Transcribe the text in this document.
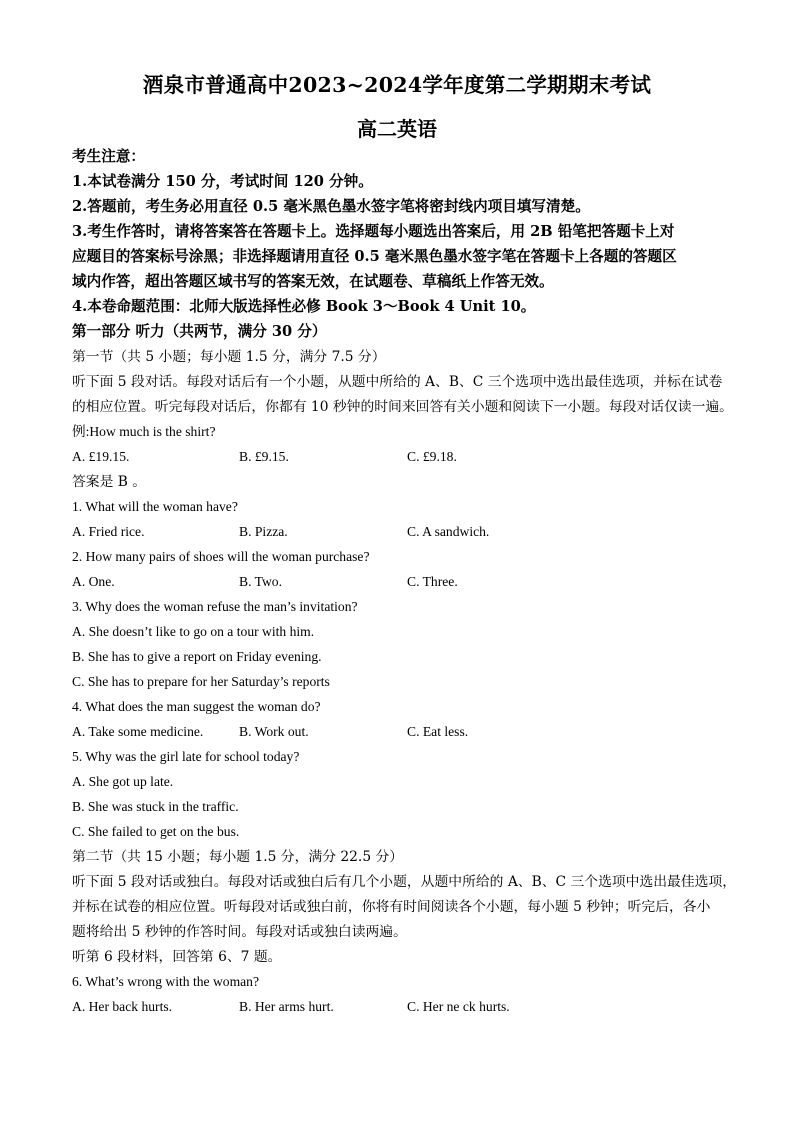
酒泉市普通高中2023~2024学年度第二学期期末考试
高二英语
考生注意：
1.本试卷满分 150 分，考试时间 120 分钟。
2.答题前，考生务必用直径 0.5 毫米黑色墨水签字笔将密封线内项目填写清楚。
3.考生作答时，请将答案答在答题卡上。选择题每小题选出答案后，用 2B 铅笔把答题卡上对
应题目的答案标号涂黑；非选择题请用直径 0.5 毫米黑色墨水签字笔在答题卡上各题的答题区
域内作答，超出答题区域书写的答案无效，在试题卷、草稿纸上作答无效。
4.本卷命题范围：北师大版选择性必修 Book 3～Book 4 Unit 10。
第一部分 听力（共两节，满分 30 分）
第一节（共 5 小题；每小题 1.5 分，满分 7.5 分）
听下面 5 段对话。每段对话后有一个小题，从题中所给的 A、B、C 三个选项中选出最佳选项，并标在试卷
的相应位置。听完每段对话后，你都有 10 秒钟的时间来回答有关小题和阅读下一小题。每段对话仅读一遍。
例:How much is the shirt?
A. £19.15.	B. £9.15.	C. £9.18.
答案是 B 。
1. What will the woman have?
A. Fried rice.	B. Pizza.	C. A sandwich.
2. How many pairs of shoes will the woman purchase?
A. One.	B. Two.	C. Three.
3. Why does the woman refuse the man’s invitation?
A. She doesn’t like to go on a tour with him.
B. She has to give a report on Friday evening.
C. She has to prepare for her Saturday’s reports
4. What does the man suggest the woman do?
A. Take some medicine.	B. Work out.	C. Eat less.
5. Why was the girl late for school today?
A. She got up late.
B. She was stuck in the traffic.
C. She failed to get on the bus.
第二节（共 15 小题；每小题 1.5 分，满分 22.5 分）
听下面 5 段对话或独白。每段对话或独白后有几个小题，从题中所给的 A、B、C 三个选项中选出最佳选项，
并标在试卷的相应位置。听每段对话或独白前，你将有时间阅读各个小题，每小题 5 秒钟；听完后，各小
题将给出 5 秒钟的作答时间。每段对话或独白读两遍。
听第 6 段材料，回答第 6、7 题。
6. What’s wrong with the woman?
A. Her back hurts.	B. Her arms hurt.	C. Her ne ck hurts.
